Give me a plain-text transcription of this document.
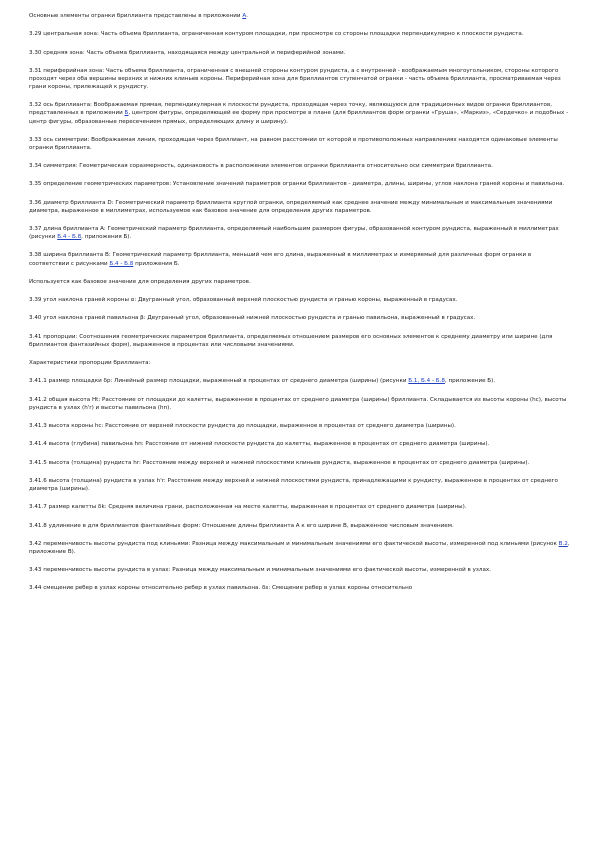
Основные элементы огранки бриллианта представлены в приложении А.

3.29 центральная зона: Часть объема бриллианта, ограниченная контуром площадки, при просмотре со стороны площадки перпендикулярно к плоскости рундиста.

3.30 средняя зона: Часть объема бриллианта, находящаяся между центральной и периферийной зонами.

3.31 периферийная зона: Часть объема бриллианта, ограниченная с внешней стороны контуром рундиста, а с внутренней - воображаемым многоугольником, стороны которого проходят через оба вершины верхних и нижних клиньев короны. Периферийная зона для бриллиантов ступенчатой огранки - часть объема бриллианта, просматриваемая через грани короны, прилежащей к рундисту.

3.32 ось бриллианта: Воображаемая прямая, перпендикулярная к плоскости рундиста, проходящая через точку, являющуюся для традиционных видов огранки бриллиантов, представленных в приложении Б, центром фигуры, определяющей ее форму при просмотре в плане (для бриллиантов форм огранки «Груша», «Маркиз», «Сердечко» и подобных - центр фигуры, образованные пересечением прямых, определяющих длину и ширину).

3.33 ось симметрии: Воображаемая линия, проходящая через бриллиант, на равном расстоянии от которой в противоположных направлениях находятся одинаковые элементы огранки бриллианта.

3.34 симметрия: Геометрическая соразмерность, одинаковость в расположении элементов огранки бриллианта относительно оси симметрии бриллианта.

3.35 определение геометрических параметров: Установление значений параметров огранки бриллиантов - диаметра, длины, ширины, углов наклона граней короны и павильона.

3.36 диаметр бриллианта D: Геометрический параметр бриллианта круглой огранки, определяемый как среднее значение между минимальным и максимальным значениями диаметра, выраженное в миллиметрах, используемое как базовое значение для определения других параметров.

3.37 длина бриллианта A: Геометрический параметр бриллианта, определяемый наибольшим размером фигуры, образованной контуром рундиста, выраженный в миллиметрах (рисунки Б.4 - Б.8, приложения Б).

3.38 ширина бриллианта B: Геометрический параметр бриллианта, меньший чем его длина, выраженный в миллиметрах и измеряемый для различных форм огранки в соответствии с рисунками Б.4 - Б.8 приложения Б.

Используется как базовое значение для определения других параметров.

3.39 угол наклона граней короны α: Двугранный угол, образованный верхней плоскостью рундиста и гранью короны, выраженный в градусах.

3.40 угол наклона граней павильона β: Двугранный угол, образованный нижней плоскостью рундиста и гранью павильона, выраженный в градусах.

3.41 пропорции: Соотношения геометрических параметров бриллианта, определяемых отношением размеров его основных элементов к среднему диаметру или ширине (для бриллиантов фантазийных форм), выраженное в процентах или числовыми значениями.

Характеристики пропорции бриллианта:

3.41.1 размер площадки δp: Линейный размер площадки, выраженный в процентах от среднего диаметра (ширины) (рисунки Б.1, Б.4 - Б.8, приложение Б).

3.41.2 общая высота Ht: Расстояние от площадки до калетты, выраженное в процентах от среднего диаметра (ширины) бриллианта. Складывается из высоты короны (hc), высоты рундиста в узлах (h'r) и высоты павильона (hп).

3.41.3 высота короны hc: Расстояние от верхней плоскости рундиста до площадки, выраженное в процентах от среднего диаметра (ширины).

3.41.4 высота (глубина) павильона hп: Расстояние от нижней плоскости рундиста до калетты, выраженное в процентах от среднего диаметра (ширины).

3.41.5 высота (толщина) рундиста hr: Расстояние между верхней и нижней плоскостями клиньев рундиста, выраженное в процентах от среднего диаметра (ширины).

3.41.6 высота (толщина) рундиста в узлах h'r: Расстояние между верхней и нижней плоскостями рундиста, принадлежащими к рундисту, выраженное в процентах от среднего диаметра (ширины).

3.41.7 размер калетты δk: Средняя величина грани, расположенная на месте калетты, выраженная в процентах от среднего диаметра (ширины).

3.41.8 удлинение в для бриллиантов фантазийных форм: Отношение длины бриллианта A к его ширине B, выраженное числовым значением.

3.42 переменчивость высоты рундиста под клиньями: Разница между максимальным и минимальным значениями его фактической высоты, измеренной под клиньями (рисунок В.2, приложение В).

3.43 переменчивость высоты рундиста в узлах: Разница между максимальным и минимальным значениями его фактической высоты, измеренной в узлах.

3.44 смещение ребер в узлах короны относительно ребер в узлах павильона. δs: Смещение ребер в узлах короны относительно
